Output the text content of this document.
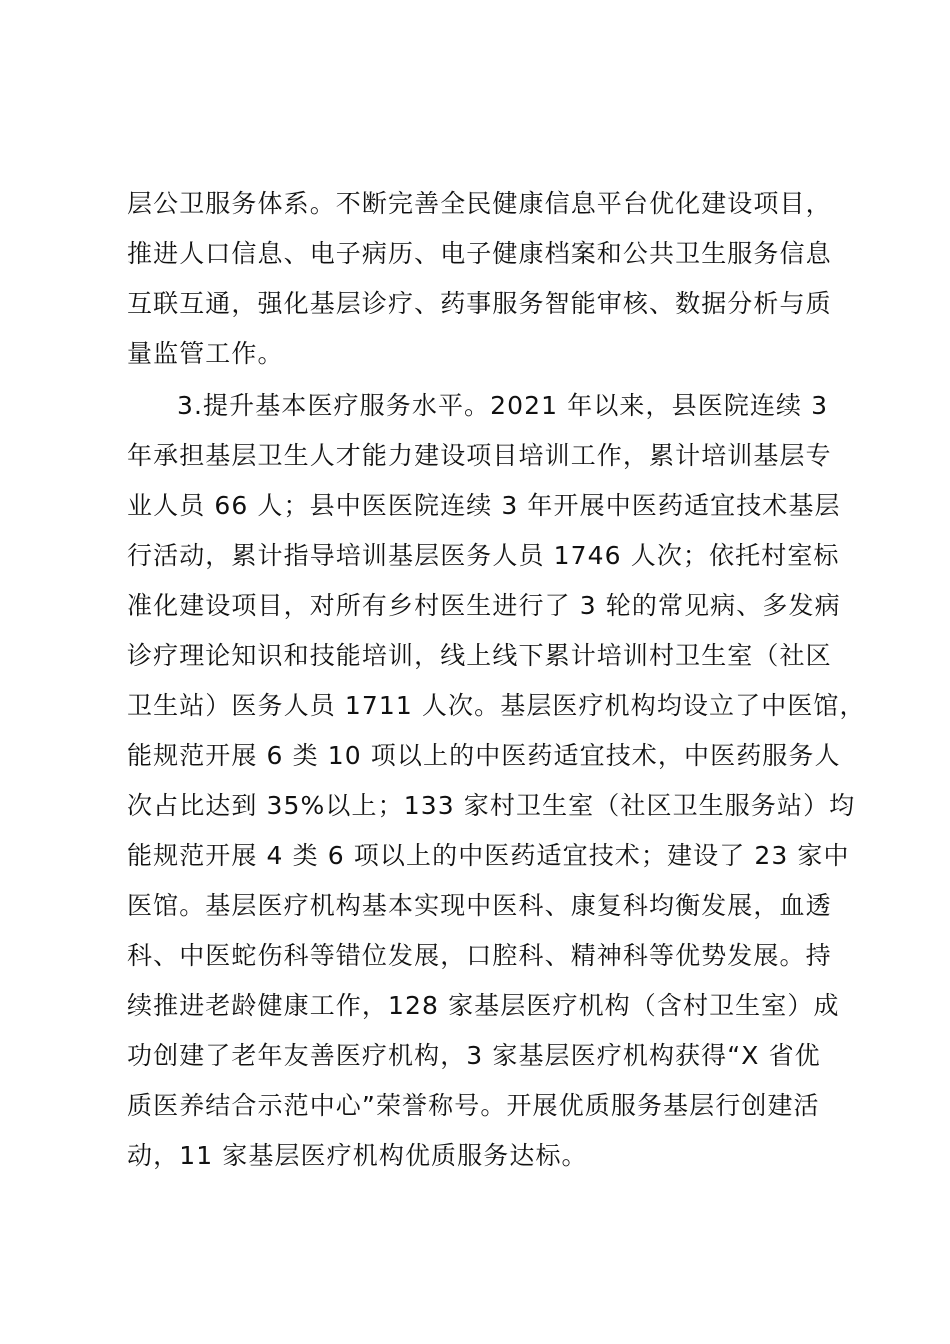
层公卫服务体系。不断完善全民健康信息平台优化建设项目，
推进人口信息、电子病历、电子健康档案和公共卫生服务信息
互联互通，强化基层诊疗、药事服务智能审核、数据分析与质
量监管工作。
3.提升基本医疗服务水平。2021 年以来，县医院连续 3
年承担基层卫生人才能力建设项目培训工作，累计培训基层专
业人员 66 人；县中医医院连续 3 年开展中医药适宜技术基层
行活动，累计指导培训基层医务人员 1746 人次；依托村室标
准化建设项目，对所有乡村医生进行了 3 轮的常见病、多发病
诊疗理论知识和技能培训，线上线下累计培训村卫生室（社区
卫生站）医务人员 1711 人次。基层医疗机构均设立了中医馆，
能规范开展 6 类 10 项以上的中医药适宜技术，中医药服务人
次占比达到 35%以上；133 家村卫生室（社区卫生服务站）均
能规范开展 4 类 6 项以上的中医药适宜技术；建设了 23 家中
医馆。基层医疗机构基本实现中医科、康复科均衡发展，血透
科、中医蛇伤科等错位发展，口腔科、精神科等优势发展。持
续推进老龄健康工作，128 家基层医疗机构（含村卫生室）成
功创建了老年友善医疗机构，3 家基层医疗机构获得“X 省优
质医养结合示范中心”荣誉称号。开展优质服务基层行创建活
动，11 家基层医疗机构优质服务达标。
